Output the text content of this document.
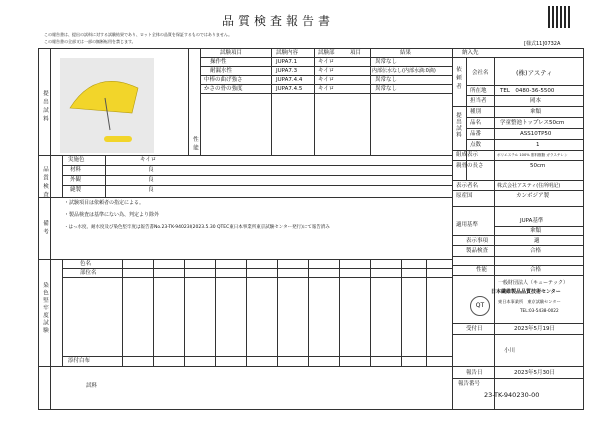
品質検査報告書
この報告書は、提出の試料に対する試験結果であり、ロット全体の品質を保証するものではありません。
この報告書の全部又は一部の無断転用を禁じます。	[様式11]0732A
提出試料
性能
試験項目	試験内容	試験部	項目	結果
操作性	JUPA7.1	キイロ	異常なし
耐漏水性	JUPA7.3	キイロ	内部伝水なし(内部水滴:0滴)
中棒の曲げ強さ	JUPA7.4.4	キイロ	異常なし
かさの骨の強度	JUPA7.4.5	キイロ	異常なし
品質検査
実施色	キイロ
材料	良
外観	良
縫製	良
備考
・試験項目は依頼者の指定による。
・製品検査は基準にない為、判定より除外
・はっ水度、耐水度及び染色堅牢度は報告書No.23-TK-94023I(2023.5.30 QTEC東日本事業所東京試験センター発行)にて報告済み
染色堅牢度試験
色名
部位名
添付白布
試料
納入先
依頼者 会社名	(株)アスティ
所在地 TEL　0480-36-5500
担当者	岡本
提出試料 種別	傘類
品名	学童整池トップレス50cm
品番	ASS10TP50
点数	1
組成表示	ポリエステル 100% 塗料樹脂 ガラスチレン
親骨の長さ	50cm
表示者名	株式会社アスティ(住所明記)
原産国	カンボジア製
適用基準
JUPA基準
傘類
表示事項	適
製品検査	合格
性能	合格
一般財団法人（キューテック）
日本繊維製品品質技術センター
東日本事業所　東京試験センター
TEL:03-5438-0022
QT
受付日	2023年5月19日
小川
報告日	2023年5月30日
報告番号
23-TK-940230-00
